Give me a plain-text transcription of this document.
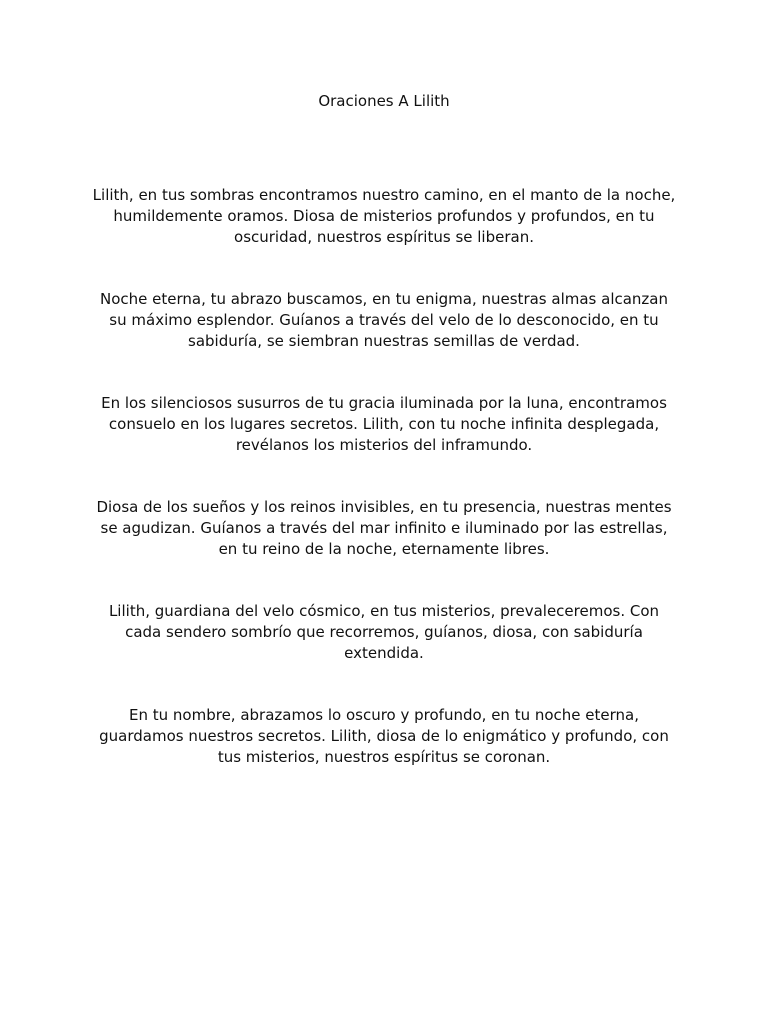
Oraciones A Lilith

Lilith, en tus sombras encontramos nuestro camino, en el manto de la noche,
humildemente oramos. Diosa de misterios profundos y profundos, en tu
oscuridad, nuestros espíritus se liberan.

Noche eterna, tu abrazo buscamos, en tu enigma, nuestras almas alcanzan
su máximo esplendor. Guíanos a través del velo de lo desconocido, en tu
sabiduría, se siembran nuestras semillas de verdad.

En los silenciosos susurros de tu gracia iluminada por la luna, encontramos
consuelo en los lugares secretos. Lilith, con tu noche infinita desplegada,
revélanos los misterios del inframundo.

Diosa de los sueños y los reinos invisibles, en tu presencia, nuestras mentes
se agudizan. Guíanos a través del mar infinito e iluminado por las estrellas,
en tu reino de la noche, eternamente libres.

Lilith, guardiana del velo cósmico, en tus misterios, prevaleceremos. Con
cada sendero sombrío que recorremos, guíanos, diosa, con sabiduría
extendida.

En tu nombre, abrazamos lo oscuro y profundo, en tu noche eterna,
guardamos nuestros secretos. Lilith, diosa de lo enigmático y profundo, con
tus misterios, nuestros espíritus se coronan.
